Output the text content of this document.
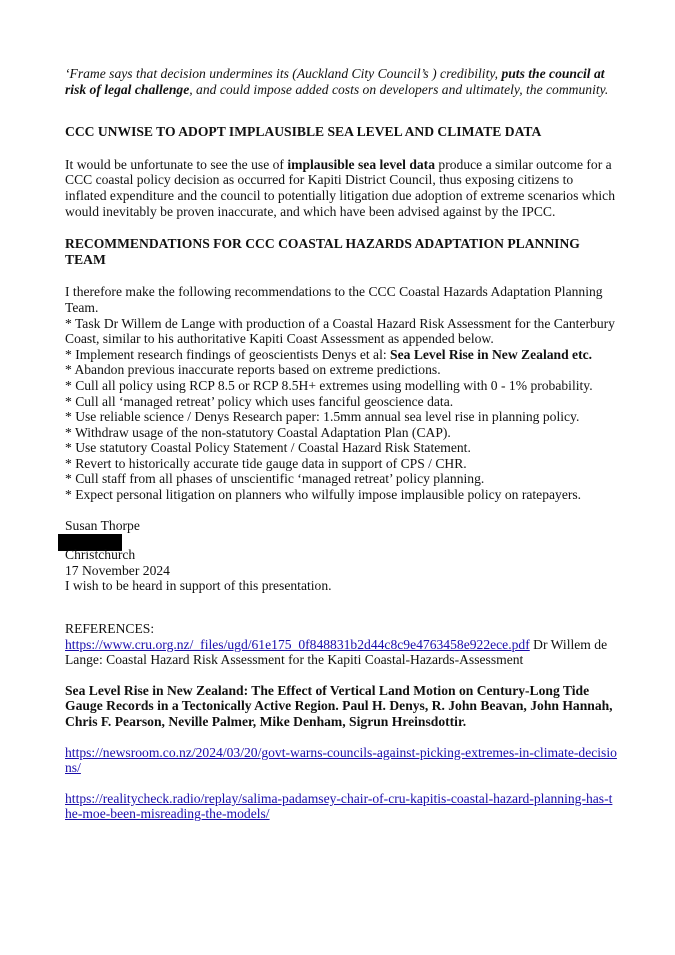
‘Frame says that decision undermines its (Auckland City Council’s ) credibility, puts the council at risk of legal challenge, and could impose added costs on developers and ultimately, the community.

CCC UNWISE TO ADOPT IMPLAUSIBLE SEA LEVEL AND CLIMATE DATA

It would be unfortunate to see the use of implausible sea level data produce a similar outcome for a CCC coastal policy decision as occurred for Kapiti District Council, thus exposing citizens to inflated expenditure and the council to potentially litigation due adoption of extreme scenarios which would inevitably be proven inaccurate, and which have been advised against by the IPCC.

RECOMMENDATIONS FOR CCC COASTAL HAZARDS ADAPTATION PLANNING TEAM

I therefore make the following recommendations to the CCC Coastal Hazards Adaptation Planning Team.

* Task Dr Willem de Lange with production of a Coastal Hazard Risk Assessment for the Canterbury Coast, similar to his authoritative Kapiti Coast Assessment as appended below.
* Implement research findings of geoscientists Denys et al: Sea Level Rise in New Zealand etc.
* Abandon previous inaccurate reports based on extreme predictions.
* Cull all policy using RCP 8.5 or RCP 8.5H+ extremes using modelling with 0 - 1% probability.
* Cull all ‘managed retreat’ policy which uses fanciful geoscience data.
* Use reliable science / Denys Research paper: 1.5mm annual sea level rise in planning policy.
* Withdraw usage of the non-statutory Coastal Adaptation Plan (CAP).
* Use statutory Coastal Policy Statement / Coastal Hazard Risk Statement.
* Revert to historically accurate tide gauge data in support of CPS / CHR.
* Cull staff from all phases of unscientific ‘managed retreat’ policy planning.
* Expect personal litigation on planners who wilfully impose implausible policy on ratepayers.

Susan Thorpe

Christchurch

17 November 2024

I wish to be heard in support of this presentation.

REFERENCES:

https://www.cru.org.nz/_files/ugd/61e175_0f848831b2d44c8c9e4763458e922ece.pdf Dr Willem de Lange: Coastal Hazard Risk Assessment for the Kapiti Coastal-Hazards-Assessment

Sea Level Rise in New Zealand: The Effect of Vertical Land Motion on Century-Long Tide Gauge Records in a Tectonically Active Region. Paul H. Denys, R. John Beavan, John Hannah, Chris F. Pearson, Neville Palmer, Mike Denham, Sigrun Hreinsdottir.

https://newsroom.co.nz/2024/03/20/govt-warns-councils-against-picking-extremes-in-climate-decisions/

https://realitycheck.radio/replay/salima-padamsey-chair-of-cru-kapitis-coastal-hazard-planning-has-the-moe-been-misreading-the-models/
